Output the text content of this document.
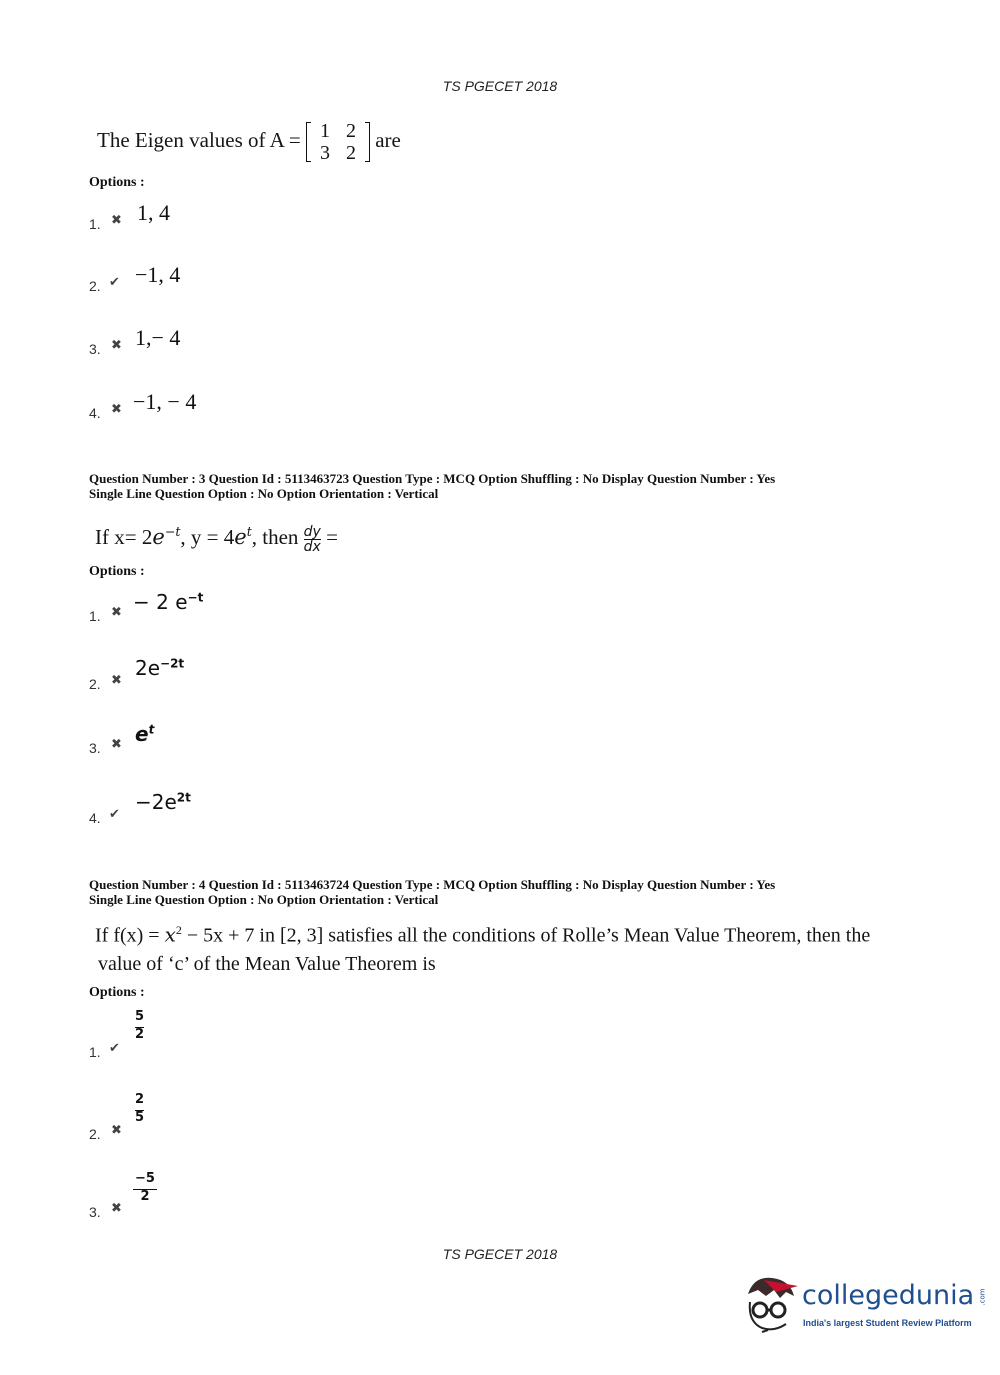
TS PGECET 2018
The Eigen values of A = 1	2
3	2
are
Options :
1. ✖ 1, 4
2. ✔ −1, 4
3. ✖ 1,− 4
4. ✖ −1, − 4
Question Number : 3 Question Id : 5113463723 Question Type : MCQ Option Shuffling : No Display Question Number : Yes
Single Line Question Option : No Option Orientation : Vertical
If $x= 2e^{-t}$, $y = 4e^t$, then $\frac{dy}{dx}$ =
Options :
1. ✖ − 2 $e^{-t}$
2. ✖ $2e^{-2t}$
3. ✖ $e^t$
4. ✔ $-2e^{2t}$
Question Number : 4 Question Id : 5113463724 Question Type : MCQ Option Shuffling : No Display Question Number : Yes
Single Line Question Option : No Option Orientation : Vertical
If $f(x) = x^2 - 5x + 7$ in [2, 3] satisfies all the conditions of Rolle’s Mean Value Theorem, then the
value of ‘c’ of the Mean Value Theorem is
Options :
1. ✔
$\frac{5}{2}$
2. ✖
$\frac{2}{5}$
3. ✖
$\frac{-5}{2}$
TS PGECET 2018
collegedunia .com
India's largest Student Review Platform
